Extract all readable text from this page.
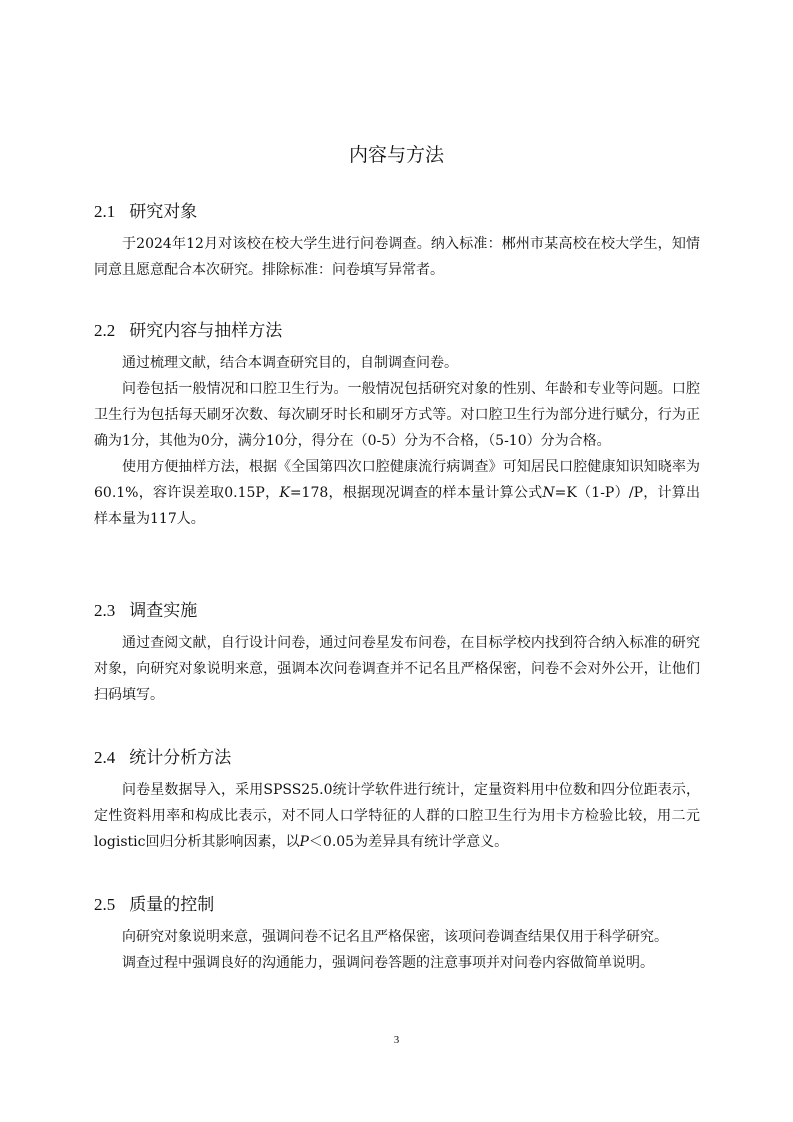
内容与方法
2.1 研究对象

于2024年12月对该校在校大学生进行问卷调查。纳入标准：郴州市某高校在校大学生，知情同意且愿意配合本次研究。排除标准：问卷填写异常者。

2.2 研究内容与抽样方法

通过梳理文献，结合本调查研究目的，自制调查问卷。

问卷包括一般情况和口腔卫生行为。一般情况包括研究对象的性别、年龄和专业等问题。口腔卫生行为包括每天刷牙次数、每次刷牙时长和刷牙方式等。对口腔卫生行为部分进行赋分，行为正确为1分，其他为0分，满分10分，得分在（0-5）分为不合格，（5-10）分为合格。

使用方便抽样方法，根据《全国第四次口腔健康流行病调查》可知居民口腔健康知识知晓率为60.1%，容许误差取0.15P，K=178，根据现况调查的样本量计算公式N=K（1-P）/P，计算出样本量为117人。

2.3 调查实施

通过查阅文献，自行设计问卷，通过问卷星发布问卷，在目标学校内找到符合纳入标准的研究对象，向研究对象说明来意，强调本次问卷调查并不记名且严格保密，问卷不会对外公开，让他们扫码填写。

2.4 统计分析方法

问卷星数据导入，采用SPSS25.0统计学软件进行统计，定量资料用中位数和四分位距表示，定性资料用率和构成比表示，对不同人口学特征的人群的口腔卫生行为用卡方检验比较，用二元logistic回归分析其影响因素，以P＜0.05为差异具有统计学意义。

2.5 质量的控制

向研究对象说明来意，强调问卷不记名且严格保密，该项问卷调查结果仅用于科学研究。

调查过程中强调良好的沟通能力，强调问卷答题的注意事项并对问卷内容做简单说明。

3
